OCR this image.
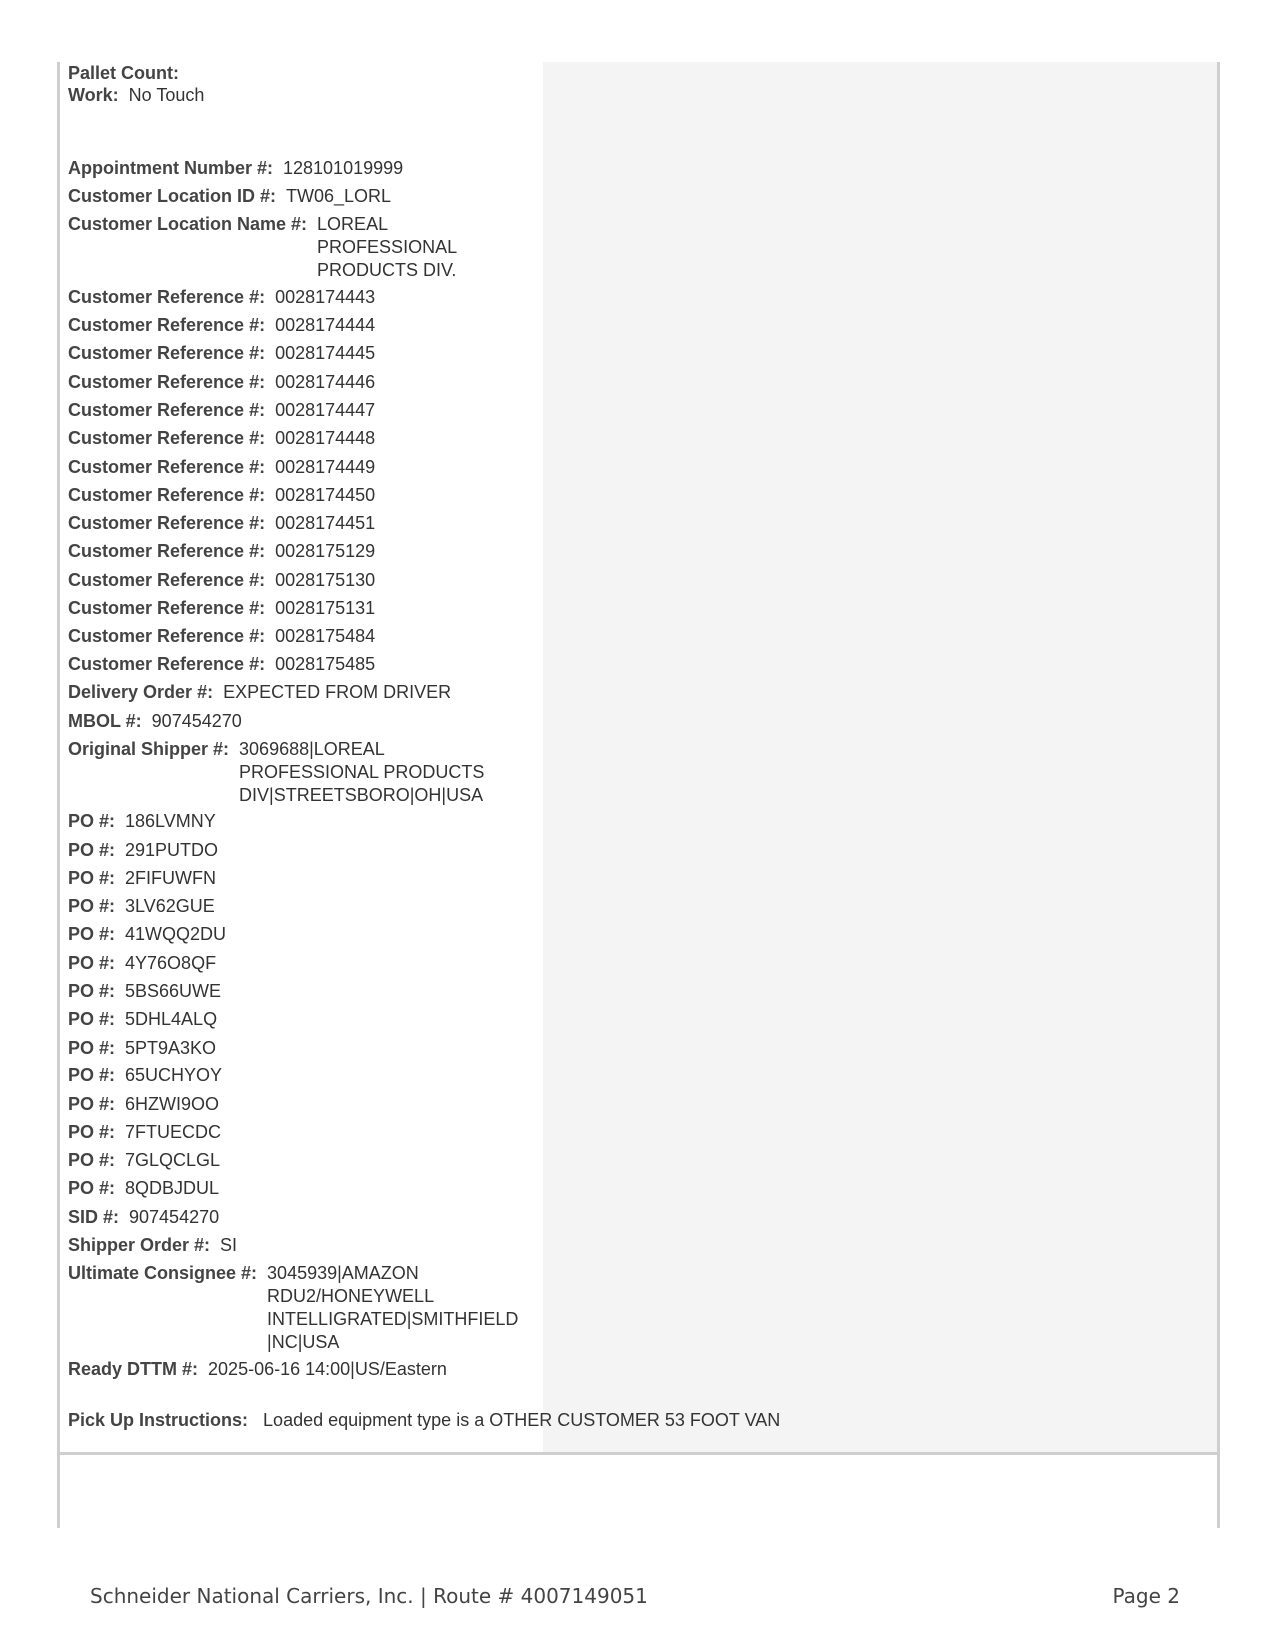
Pallet Count:
Work: No Touch
Appointment Number #: 128101019999
Customer Location ID #: TW06_LORL
Customer Location Name #: LOREAL
PROFESSIONAL
PRODUCTS DIV.
Customer Reference #: 0028174443
Customer Reference #: 0028174444
Customer Reference #: 0028174445
Customer Reference #: 0028174446
Customer Reference #: 0028174447
Customer Reference #: 0028174448
Customer Reference #: 0028174449
Customer Reference #: 0028174450
Customer Reference #: 0028174451
Customer Reference #: 0028175129
Customer Reference #: 0028175130
Customer Reference #: 0028175131
Customer Reference #: 0028175484
Customer Reference #: 0028175485
Delivery Order #: EXPECTED FROM DRIVER
MBOL #: 907454270
Original Shipper #: 3069688|LOREAL
PROFESSIONAL PRODUCTS
DIV|STREETSBORO|OH|USA
PO #: 186LVMNY
PO #: 291PUTDO
PO #: 2FIFUWFN
PO #: 3LV62GUE
PO #: 41WQQ2DU
PO #: 4Y76O8QF
PO #: 5BS66UWE
PO #: 5DHL4ALQ
PO #: 5PT9A3KO
PO #: 65UCHYOY
PO #: 6HZWI9OO
PO #: 7FTUECDC
PO #: 7GLQCLGL
PO #: 8QDBJDUL
SID #: 907454270
Shipper Order #: SI
Ultimate Consignee #: 3045939|AMAZON
RDU2/HONEYWELL
INTELLIGRATED|SMITHFIELD
|NC|USA
Ready DTTM #: 2025-06-16 14:00|US/Eastern
Pick Up Instructions: Loaded equipment type is a OTHER CUSTOMER 53 FOOT VAN
Schneider National Carriers, Inc. | Route # 4007149051	Page 2
